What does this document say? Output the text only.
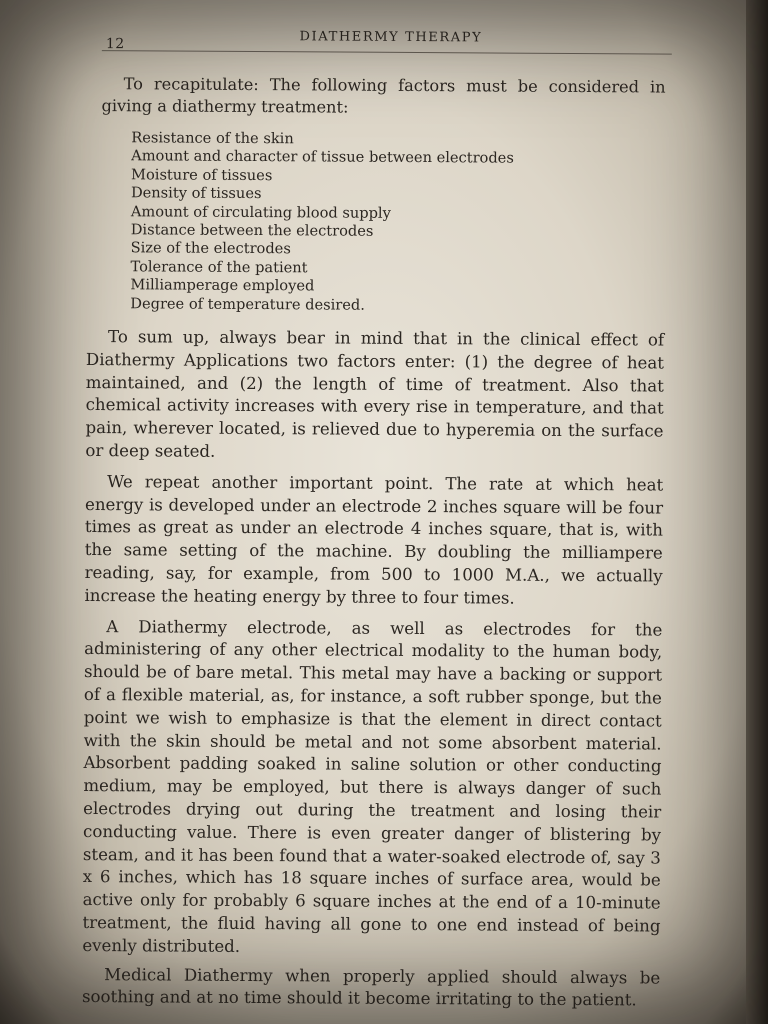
12	DIATHERMY THERAPY

To recapitulate: The following factors must be considered in giving a diathermy treatment:

Resistance of the skin
Amount and character of tissue between electrodes
Moisture of tissues
Density of tissues
Amount of circulating blood supply
Distance between the electrodes
Size of the electrodes
Tolerance of the patient
Milliamperage employed
Degree of temperature desired.

To sum up, always bear in mind that in the clinical effect of Diathermy Applications two factors enter: (1) the degree of heat maintained, and (2) the length of time of treatment. Also that chemical activity increases with every rise in temperature, and that pain, wherever located, is relieved due to hyperemia on the surface or deep seated.

We repeat another important point. The rate at which heat energy is developed under an electrode 2 inches square will be four times as great as under an electrode 4 inches square, that is, with the same setting of the machine. By doubling the milliampere reading, say, for example, from 500 to 1000 M.A., we actually increase the heating energy by three to four times.

A Diathermy electrode, as well as electrodes for the administering of any other electrical modality to the human body, should be of bare metal. This metal may have a backing or support of a flexible material, as, for instance, a soft rubber sponge, but the point we wish to emphasize is that the element in direct contact with the skin should be metal and not some absorbent material. Absorbent padding soaked in saline solution or other conducting medium, may be employed, but there is always danger of such electrodes drying out during the treatment and losing their conducting value. There is even greater danger of blistering by steam, and it has been found that a water-soaked electrode of, say 3 x 6 inches, which has 18 square inches of surface area, would be active only for probably 6 square inches at the end of a 10-minute treatment, the fluid having all gone to one end instead of being evenly distributed.

Medical Diathermy when properly applied should always be soothing and at no time should it become irritating to the patient.
